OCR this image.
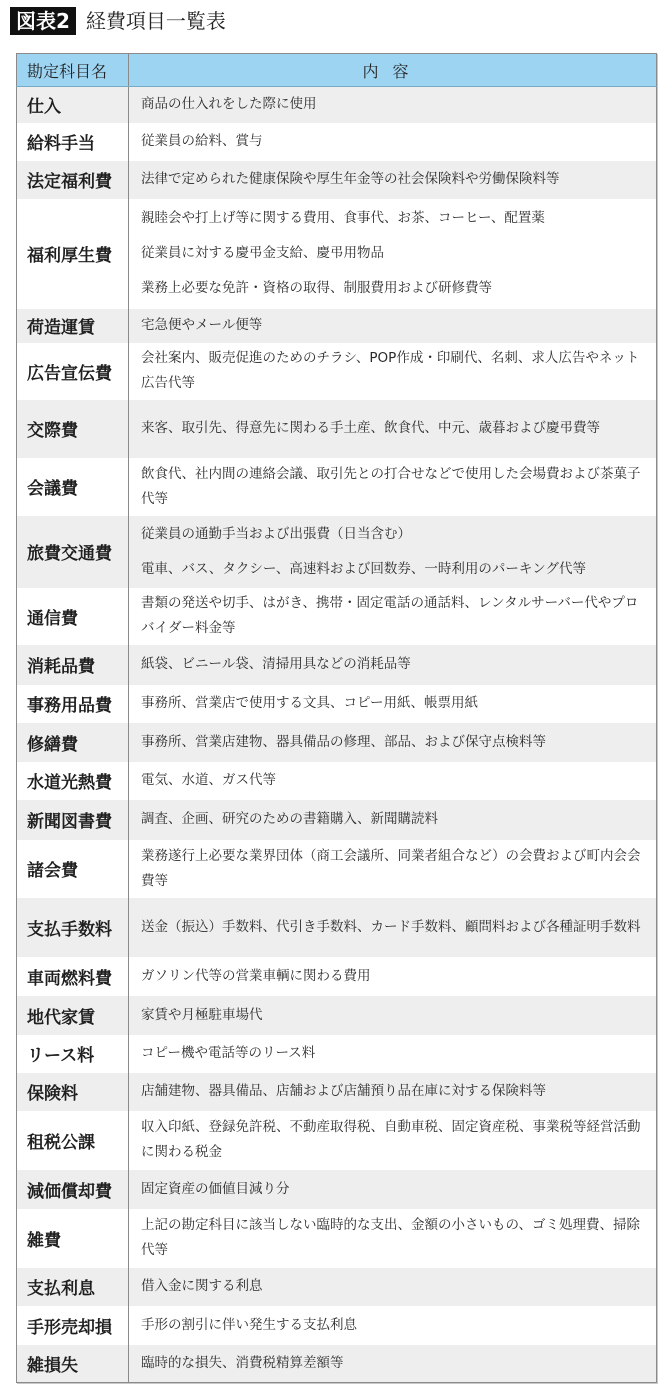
図表2 経費項目一覧表
勘定科目名	内容
仕入	商品の仕入れをした際に使用

給料手当	従業員の給料、賞与

法定福利費	法律で定められた健康保険や厚生年金等の社会保険料や労働保険料等

福利厚生費	親睦会や打上げ等に関する費用、食事代、お茶、コーヒー、配置薬
従業員に対する慶弔金支給、慶弔用物品
業務上必要な免許・資格の取得、制服費用および研修費等

荷造運賃	宅急便やメール便等

広告宣伝費	会社案内、販売促進のためのチラシ、POP作成・印刷代、名刺、求人広告やネット広告代等

交際費	来客、取引先、得意先に関わる手土産、飲食代、中元、歳暮および慶弔費等

会議費	飲食代、社内間の連絡会議、取引先との打合せなどで使用した会場費および茶菓子代等

旅費交通費	従業員の通勤手当および出張費（日当含む）
電車、バス、タクシー、高速料および回数券、一時利用のパーキング代等

通信費	書類の発送や切手、はがき、携帯・固定電話の通話料、レンタルサーバー代やプロバイダー料金等

消耗品費	紙袋、ビニール袋、清掃用具などの消耗品等

事務用品費	事務所、営業店で使用する文具、コピー用紙、帳票用紙

修繕費	事務所、営業店建物、器具備品の修理、部品、および保守点検料等

水道光熱費	電気、水道、ガス代等

新聞図書費	調査、企画、研究のための書籍購入、新聞購読料

諸会費	業務遂行上必要な業界団体（商工会議所、同業者組合など）の会費および町内会会費等

支払手数料	送金（振込）手数料、代引き手数料、カード手数料、顧問料および各種証明手数料

車両燃料費	ガソリン代等の営業車輌に関わる費用

地代家賃	家賃や月極駐車場代

リース料	コピー機や電話等のリース料

保険料	店舗建物、器具備品、店舗および店舗預り品在庫に対する保険料等

租税公課	収入印紙、登録免許税、不動産取得税、自動車税、固定資産税、事業税等経営活動に関わる税金

減価償却費	固定資産の価値目減り分

雑費	上記の勘定科目に該当しない臨時的な支出、金額の小さいもの、ゴミ処理費、掃除代等

支払利息	借入金に関する利息

手形売却損	手形の割引に伴い発生する支払利息

雑損失	臨時的な損失、消費税精算差額等
